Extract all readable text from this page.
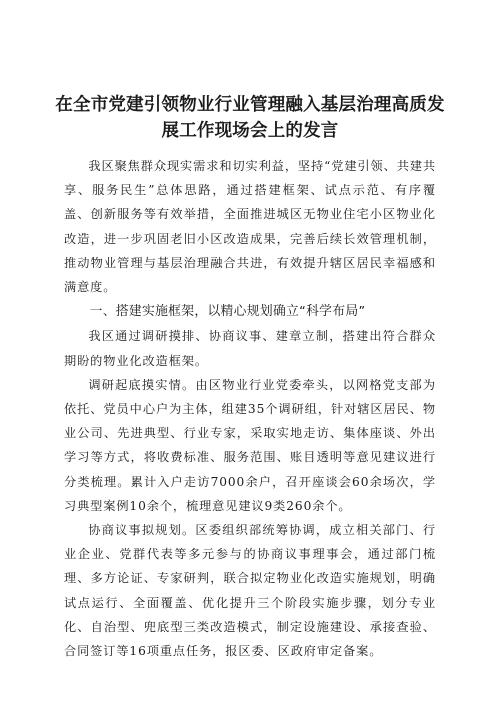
在全市党建引领物业行业管理融入基层治理高质发展工作现场会上的发言

我区聚焦群众现实需求和切实利益，坚持“党建引领、共建共享、服务民生”总体思路，通过搭建框架、试点示范、有序覆盖、创新服务等有效举措，全面推进城区无物业住宅小区物业化改造，进一步巩固老旧小区改造成果，完善后续长效管理机制，推动物业管理与基层治理融合共进，有效提升辖区居民幸福感和满意度。

一、搭建实施框架，以精心规划确立“科学布局”

我区通过调研摸排、协商议事、建章立制，搭建出符合群众期盼的物业化改造框架。

调研起底摸实情。由区物业行业党委牵头，以网格党支部为依托、党员中心户为主体，组建35个调研组，针对辖区居民、物业公司、先进典型、行业专家，采取实地走访、集体座谈、外出学习等方式，将收费标准、服务范围、账目透明等意见建议进行分类梳理。累计入户走访7000余户，召开座谈会60余场次，学习典型案例10余个，梳理意见建议9类260余个。

协商议事拟规划。区委组织部统筹协调，成立相关部门、行业企业、党群代表等多元参与的协商议事理事会，通过部门梳理、多方论证、专家研判，联合拟定物业化改造实施规划，明确试点运行、全面覆盖、优化提升三个阶段实施步骤，划分专业化、自治型、兜底型三类改造模式，制定设施建设、承接查验、合同签订等16项重点任务，报区委、区政府审定备案。
